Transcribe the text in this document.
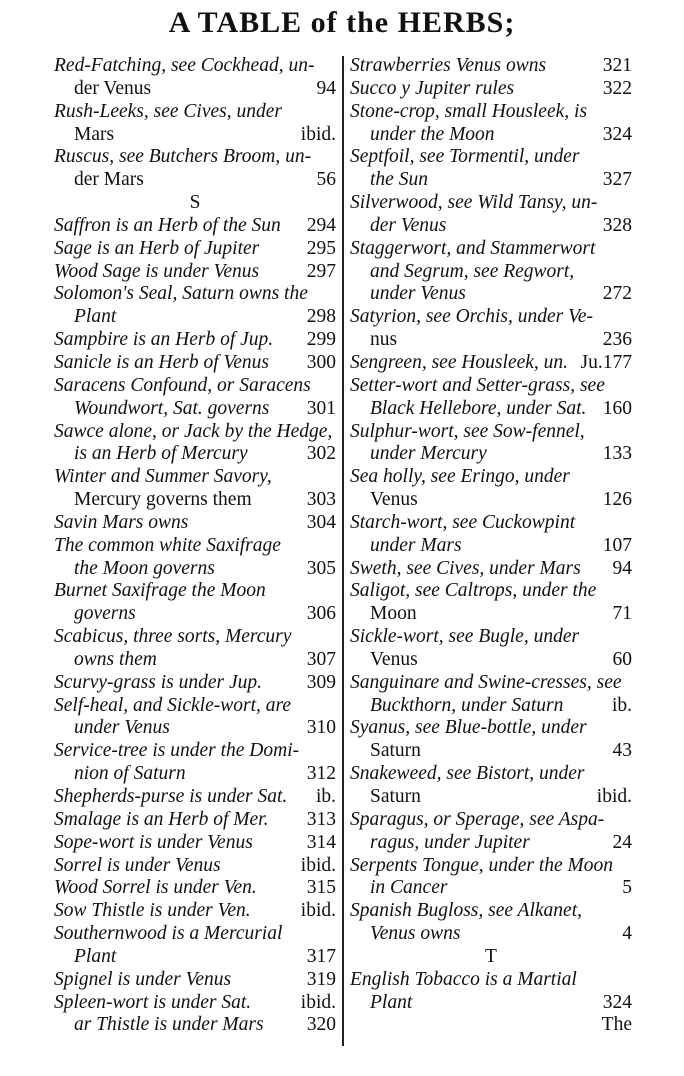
A TABLE of the HERBS;
Red-Fatching, see Cockhead, un-
der Venus	94
Rush-Leeks, see Cives, under
Mars	ibid.
Ruscus, see Butchers Broom, un-
der Mars	56
S
Saffron is an Herb of the Sun 294
Sage is an Herb of Jupiter 295
Wood Sage is under Venus 297
Solomon's Seal, Saturn owns the
Plant	298
Sampbire is an Herb of Jup. 299
Sanicle is an Herb of Venus 300
Saracens Confound, or Saracens
Woundwort, Sat. governs 301
Sawce alone, or Jack by the Hedge,
is an Herb of Mercury	302
Winter and Summer Savory,
Mercury governs them	303
Savin Mars owns	304
The common white Saxifrage
the Moon governs	305
Burnet Saxifrage the Moon
governs	306
Scabicus, three sorts, Mercury
owns them	307
Scurvy-grass is under Jup. 309
Self-heal, and Sickle-wort, are
under Venus	310
Service-tree is under the Domi-
nion of Saturn	312
Shepherds-purse is under Sat. ib.
Smalage is an Herb of Mer. 313
Sope-wort is under Venus	314
Sorrel is under Venus	ibid.
Wood Sorrel is under Ven.	315
Sow Thistle is under Ven.	ibid.
Southernwood is a Mercurial
Plant	317
Spignel is under Venus	319
Spleen-wort is under Sat.	ibid.
ar Thistle is under Mars 320
Strawberries Venus owns	321
Succo y Jupiter rules	322
Stone-crop, small Housleek, is
under the Moon	324
Septfoil, see Tormentil, under
the Sun	327
Silverwood, see Wild Tansy, un-
der Venus	328
Staggerwort, and Stammerwort
and Segrum, see Regwort,
under Venus	272
Satyrion, see Orchis, under Ve-
nus	236
Sengreen, see Housleek, un. Ju.177
Setter-wort and Setter-grass, see
Black Hellebore, under Sat. 160
Sulphur-wort, see Sow-fennel,
under Mercury	133
Sea holly, see Eringo, under
Venus	126
Starch-wort, see Cuckowpint
under Mars	107
Sweth, see Cives, under Mars 94
Saligot, see Caltrops, under the
Moon	71
Sickle-wort, see Bugle, under
Venus	60
Sanguinare and Swine-cresses, see
Buckthorn, under Saturn ib.
Syanus, see Blue-bottle, under
Saturn	43
Snakeweed, see Bistort, under
Saturn	ibid.
Sparagus, or Sperage, see Aspa-
ragus, under Jupiter	24
Serpents Tongue, under the Moon
in Cancer	5
Spanish Bugloss, see Alkanet,
Venus owns	4
T
English Tobacco is a Martial
Plant	324
The
